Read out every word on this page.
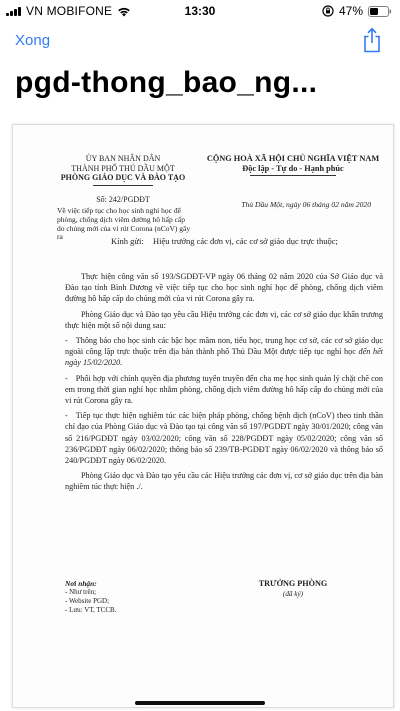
VN MOBIFONE	13:30	47%
Xong
pgd-thong_bao_ng...
ỦY BAN NHÂN DÂN
THÀNH PHỐ THỦ DẦU MỘT
PHÒNG GIÁO DỤC VÀ ĐÀO TẠO
Số: 242/PGDĐT
Về việc tiếp tục cho học sinh nghỉ học để phòng, chống dịch viêm đường hô hấp cấp do chủng mới của vi rút Corona (nCoV) gây ra
CỘNG HOÀ XÃ HỘI CHỦ NGHĨA VIỆT NAM
Độc lập - Tự do - Hạnh phúc
Thủ Dầu Một, ngày 06 tháng 02 năm 2020
Kính gửi: Hiệu trưởng các đơn vị, các cơ sở giáo dục trực thuộc;

Thực hiện công văn số 193/SGDĐT-VP ngày 06 tháng 02 năm 2020 của Sở Giáo dục và Đào tạo tỉnh Bình Dương về việc tiếp tục cho học sinh nghỉ học để phòng, chống dịch viêm đường hô hấp cấp do chủng mới của vi rút Corona gây ra.

Phòng Giáo dục và Đào tạo yêu cầu Hiệu trưởng các đơn vị, các cơ sở giáo dục khẩn trương thực hiện một số nội dung sau:

- Thông báo cho học sinh các bậc học mầm non, tiểu học, trung học cơ sở, các cơ sở giáo dục ngoài công lập trực thuộc trên địa bàn thành phố Thủ Dầu Một được tiếp tục nghỉ học đến hết ngày 15/02/2020.

- Phối hợp với chính quyền địa phương tuyên truyền đến cha mẹ học sinh quản lý chặt chẽ con em trong thời gian nghỉ học nhằm phòng, chống dịch viêm đường hô hấp cấp do chủng mới của vi rút Corona gây ra.

- Tiếp tục thực hiện nghiêm túc các biện pháp phòng, chống bệnh dịch (nCoV) theo tinh thần chỉ đạo của Phòng Giáo dục và Đào tạo tại công văn số 197/PGDĐT ngày 30/01/2020; công văn số 216/PGDĐT ngày 03/02/2020; công văn số 228/PGDĐT ngày 05/02/2020; công văn số 236/PGDĐT ngày 06/02/2020; thông báo số 239/TB-PGDĐT ngày 06/02/2020 và thông báo số 240/PGDĐT ngày 06/02/2020.

Phòng Giáo dục và Đào tạo yêu cầu các Hiệu trưởng các đơn vị, cơ sở giáo dục trên địa bàn nghiêm túc thực hiện ./.

Nơi nhận:
- Như trên;
- Website PGD;
- Lưu: VT, TCCB.
TRƯỞNG PHÒNG
(đã ký)
